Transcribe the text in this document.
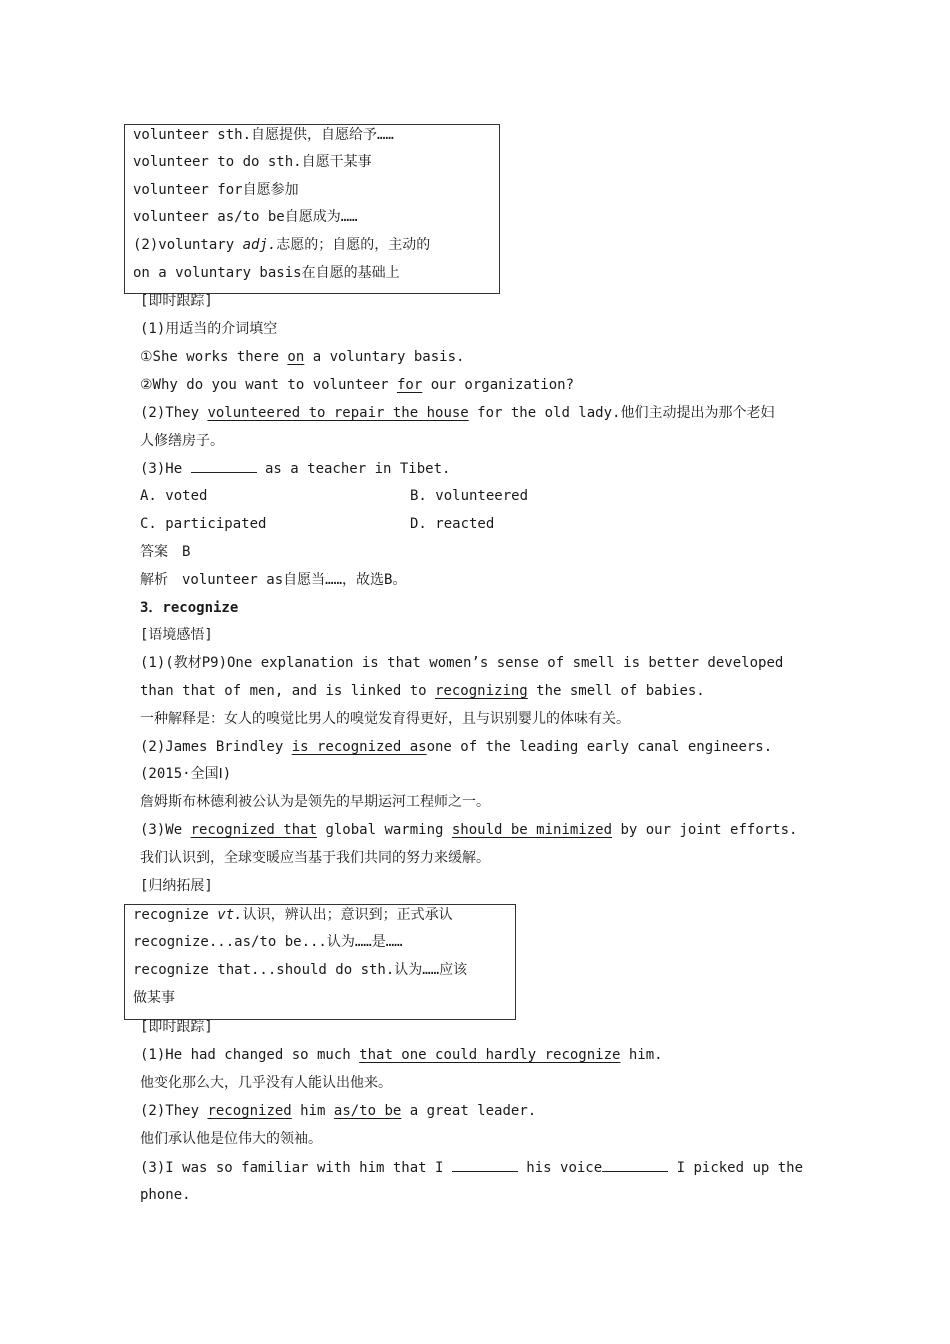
volunteer sth.自愿提供，自愿给予……
volunteer to do sth.自愿干某事
volunteer for自愿参加
volunteer as/to be自愿成为……
(2)voluntary adj.志愿的；自愿的，主动的
on a voluntary basis在自愿的基础上
[即时跟踪]
(1)用适当的介词填空
①She works there on a voluntary basis.
②Why do you want to volunteer for our organization?
(2)They volunteered to repair the house for the old lady.他们主动提出为那个老妇
人修缮房子。
(3)He	as a teacher in Tibet.
A. voted	B. volunteered
C. participated	D. reacted
答案　B
解析　volunteer as自愿当……，故选B。
3．recognize
[语境感悟]
(1)(教材P9)One explanation is that women’s sense of smell is better developed
than that of men, and is linked to recognizing the smell of babies.
一种解释是：女人的嗅觉比男人的嗅觉发育得更好，且与识别婴儿的体味有关。
(2)James Brindley is recognized asone of the leading early canal engineers.
(2015·全国Ⅰ)
詹姆斯布林德利被公认为是领先的早期运河工程师之一。
(3)We recognized that global warming should be minimized by our joint efforts.
我们认识到，全球变暖应当基于我们共同的努力来缓解。
[归纳拓展]
recognize vt.认识，辨认出；意识到；正式承认
recognize...as/to be...认为……是……
recognize that...should do sth.认为……应该
做某事
[即时跟踪]
(1)He had changed so much that one could hardly recognize him.
他变化那么大，几乎没有人能认出他来。
(2)They recognized him as/to be a great leader.
他们承认他是位伟大的领袖。
(3)I was so familiar with him that I	his voice	I picked up the
phone.
